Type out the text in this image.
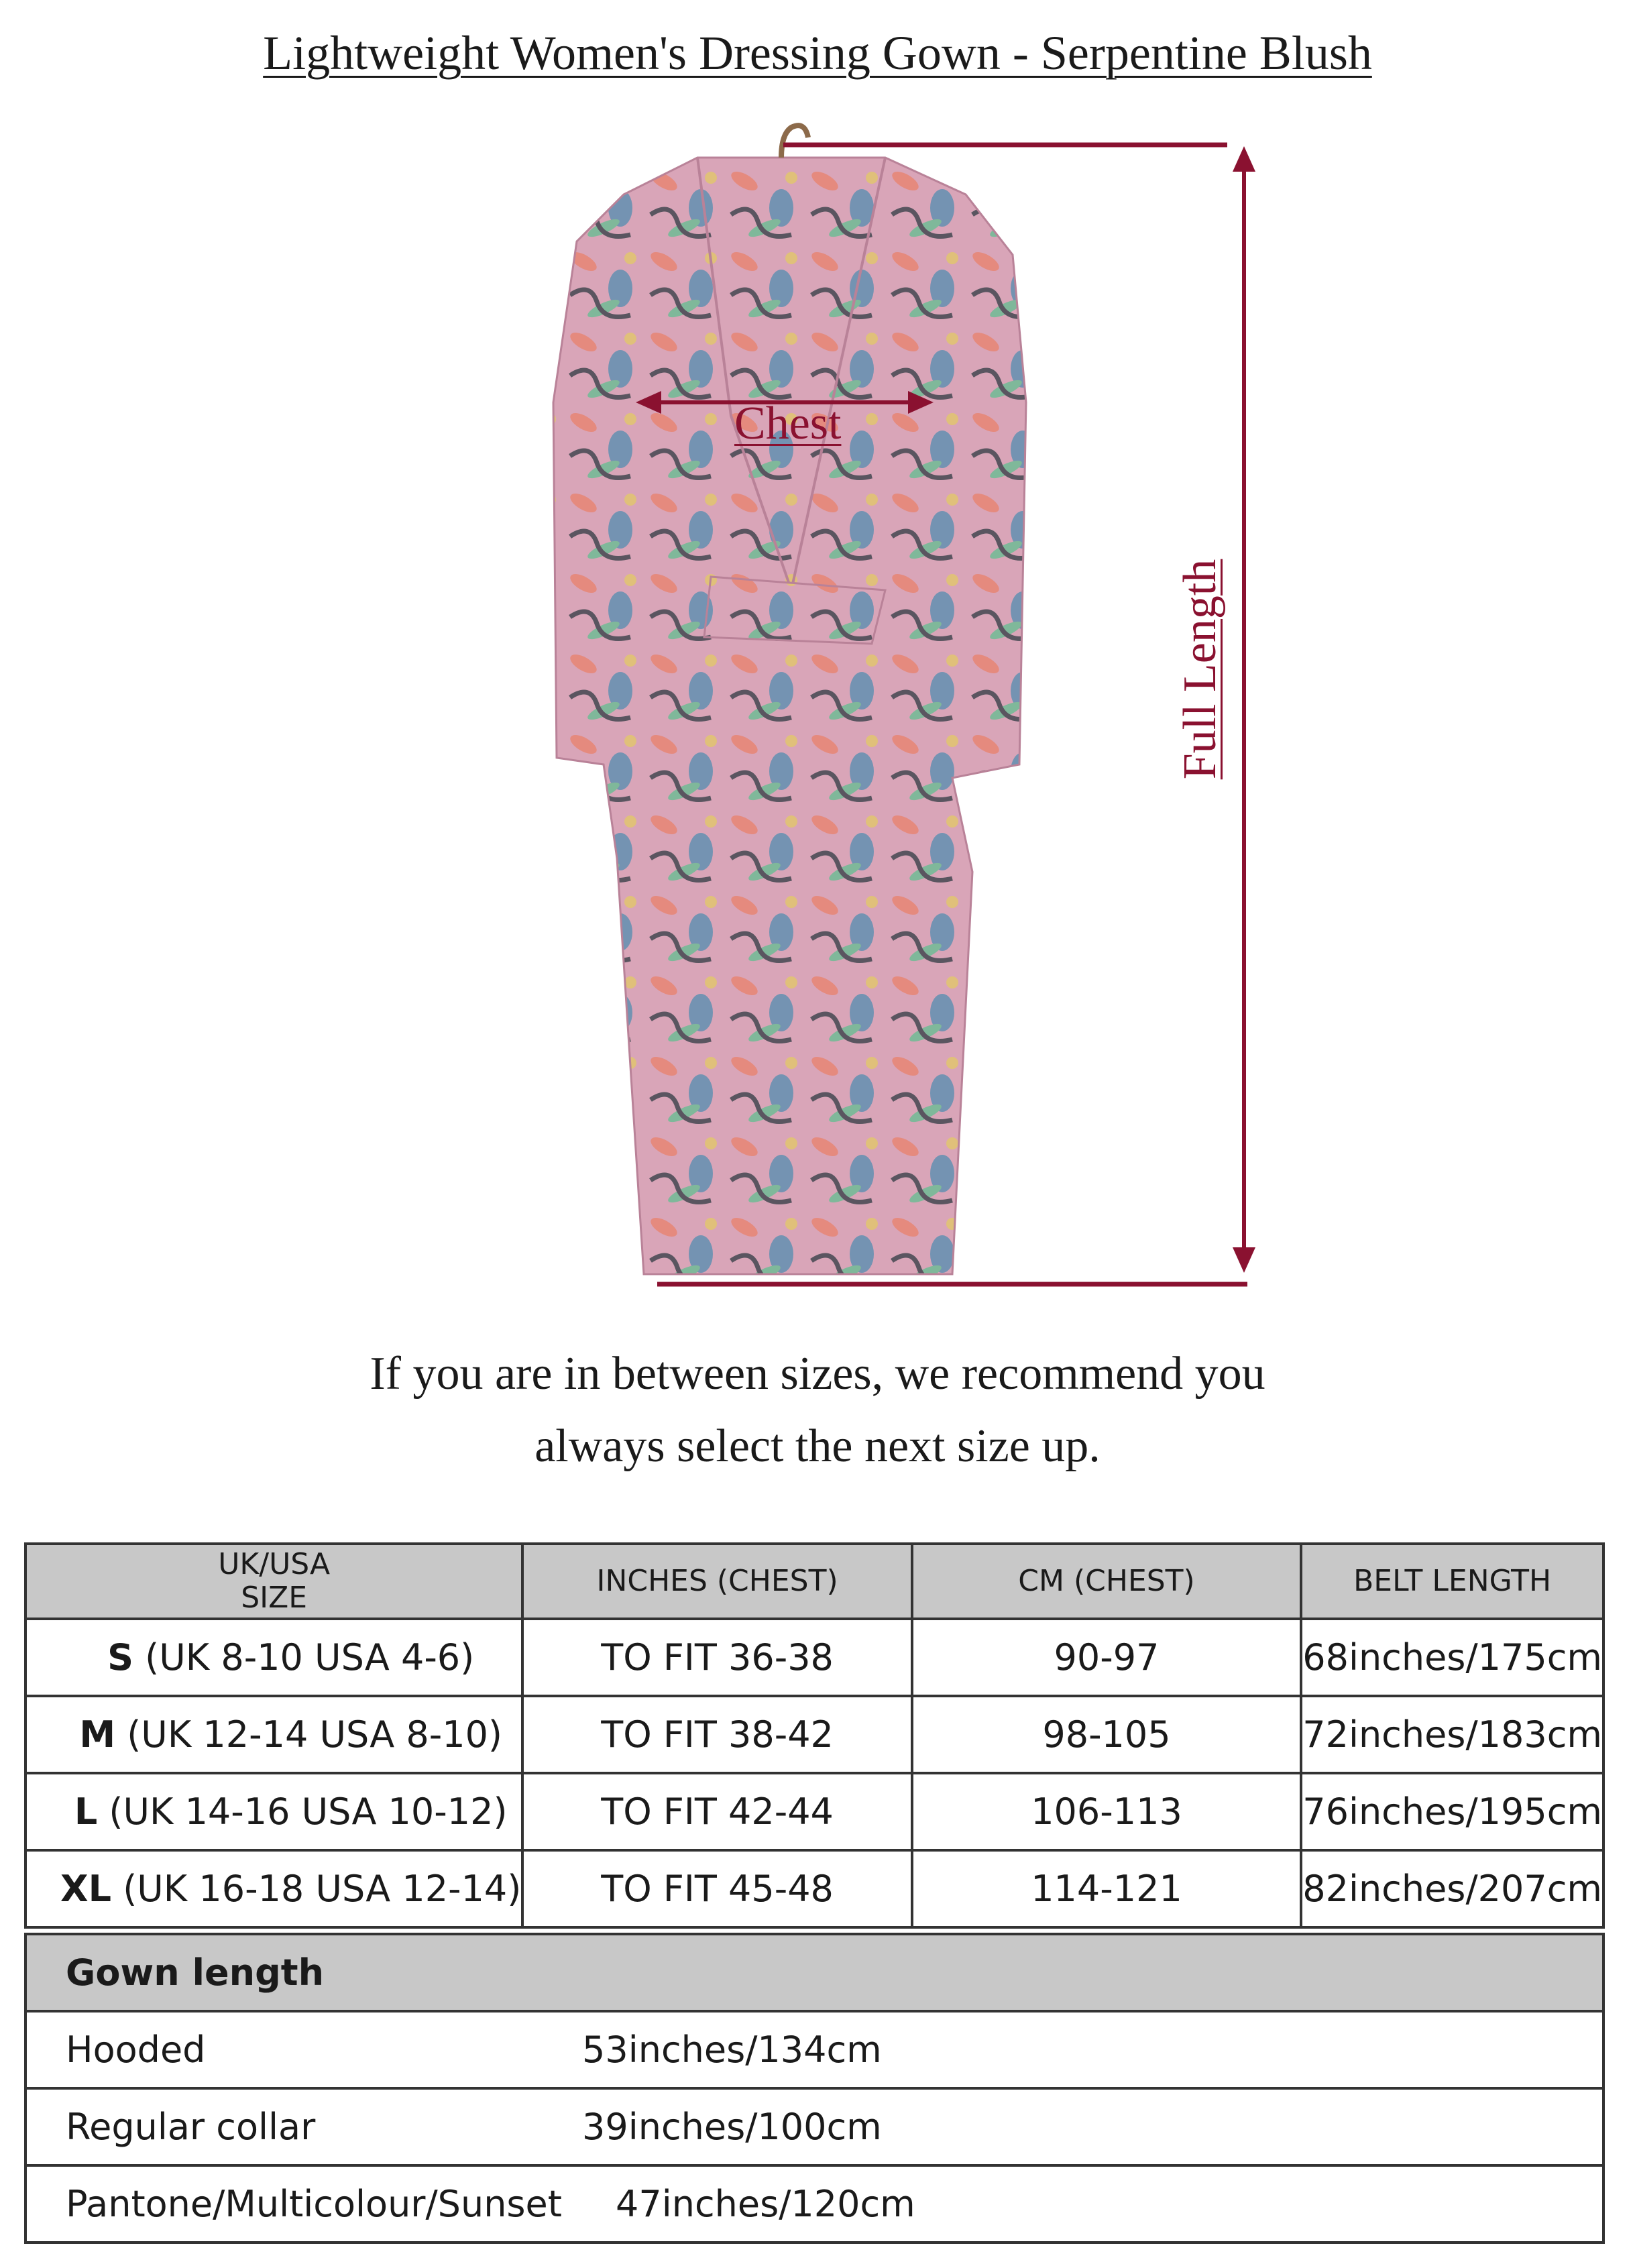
Lightweight Women's Dressing Gown - Serpentine Blush
Chest
Full Length
If you are in between sizes, we recommend you
always select the next size up.
UK/USA
SIZE	INCHES (CHEST)	CM (CHEST)	BELT LENGTH
S (UK 8-10 USA 4-6)	TO FIT 36-38	90-97	68inches/175cm
M (UK 12-14 USA 8-10)	TO FIT 38-42	98-105	72inches/183cm
L (UK 14-16 USA 10-12)	TO FIT 42-44	106-113	76inches/195cm
XL (UK 16-18 USA 12-14)	TO FIT 45-48	114-121	82inches/207cm
Gown length
Hooded	53inches/134cm
Regular collar	39inches/100cm
Pantone/Multicolour/Sunset 47inches/120cm
